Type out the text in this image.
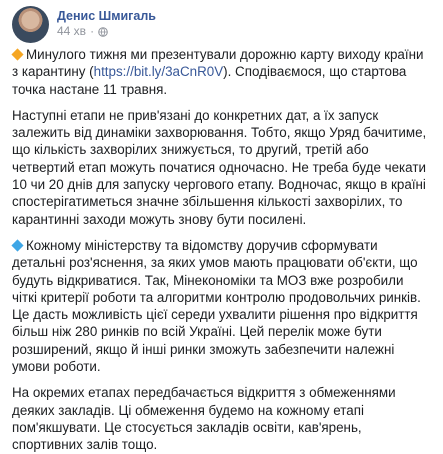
Денис Шмигаль
44 хв ·

Минулого тижня ми презентували дорожню карту виходу країни з карантину (https://bit.ly/3aCnR0V). Сподіваємося, що стартова точка настане 11 травня.

Наступні етапи не прив'язані до конкретних дат, а їх запуск залежить від динаміки захворювання. Тобто, якщо Уряд бачитиме, що кількість захворілих знижується, то другий, третій або четвертий етап можуть початися одночасно. Не треба буде чекати 10 чи 20 днів для запуску чергового етапу. Водночас, якщо в країні спостерігатиметься значне збільшення кількості захворілих, то карантинні заходи можуть знову бути посилені.

Кожному міністерству та відомству доручив сформувати детальні роз'яснення, за яких умов мають працювати об'єкти, що будуть відкриватися. Так, Мінекономіки та МОЗ вже розробили чіткі критерії роботи та алгоритми контролю продовольчих ринків. Це дасть можливість цієї середи ухвалити рішення про відкриття більш ніж 280 ринків по всій Україні. Цей перелік може бути розширений, якщо й інші ринки зможуть забезпечити належні умови роботи.

На окремих етапах передбачається відкриття з обмеженнями деяких закладів. Ці обмеження будемо на кожному етапі пом'якшувати. Це стосується закладів освіти, кав'ярень, спортивних залів тощо.
